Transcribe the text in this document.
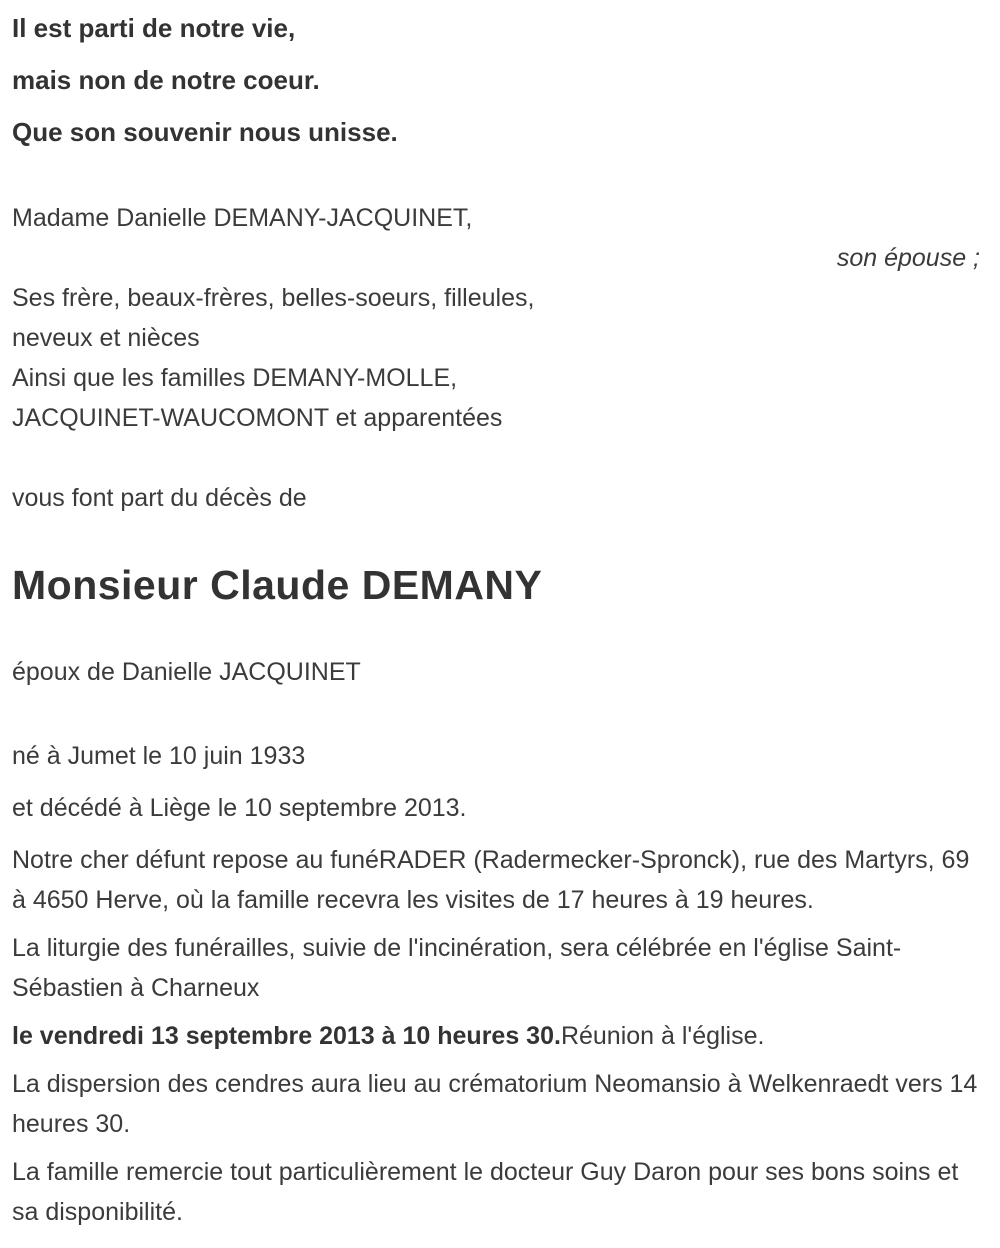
Il est parti de notre vie,

mais non de notre coeur.

Que son souvenir nous unisse.

Madame Danielle DEMANY-JACQUINET,

son épouse ;

Ses frère, beaux-frères, belles-soeurs, filleules,

neveux et nièces

Ainsi que les familles DEMANY-MOLLE,

JACQUINET-WAUCOMONT et apparentées

vous font part du décès de

Monsieur Claude DEMANY

époux de Danielle JACQUINET

né à Jumet le 10 juin 1933

et décédé à Liège le 10 septembre 2013.

Notre cher défunt repose au funéRADER (Radermecker-Spronck), rue des Martyrs, 69 à 4650 Herve, où la famille recevra les visites de 17 heures à 19 heures.

La liturgie des funérailles, suivie de l'incinération, sera célébrée en l'église Saint-Sébastien à Charneux

le vendredi 13 septembre 2013 à 10 heures 30.Réunion à l'église.

La dispersion des cendres aura lieu au crématorium Neomansio à Welkenraedt vers 14 heures 30.

La famille remercie tout particulièrement le docteur Guy Daron pour ses bons soins et sa disponibilité.
